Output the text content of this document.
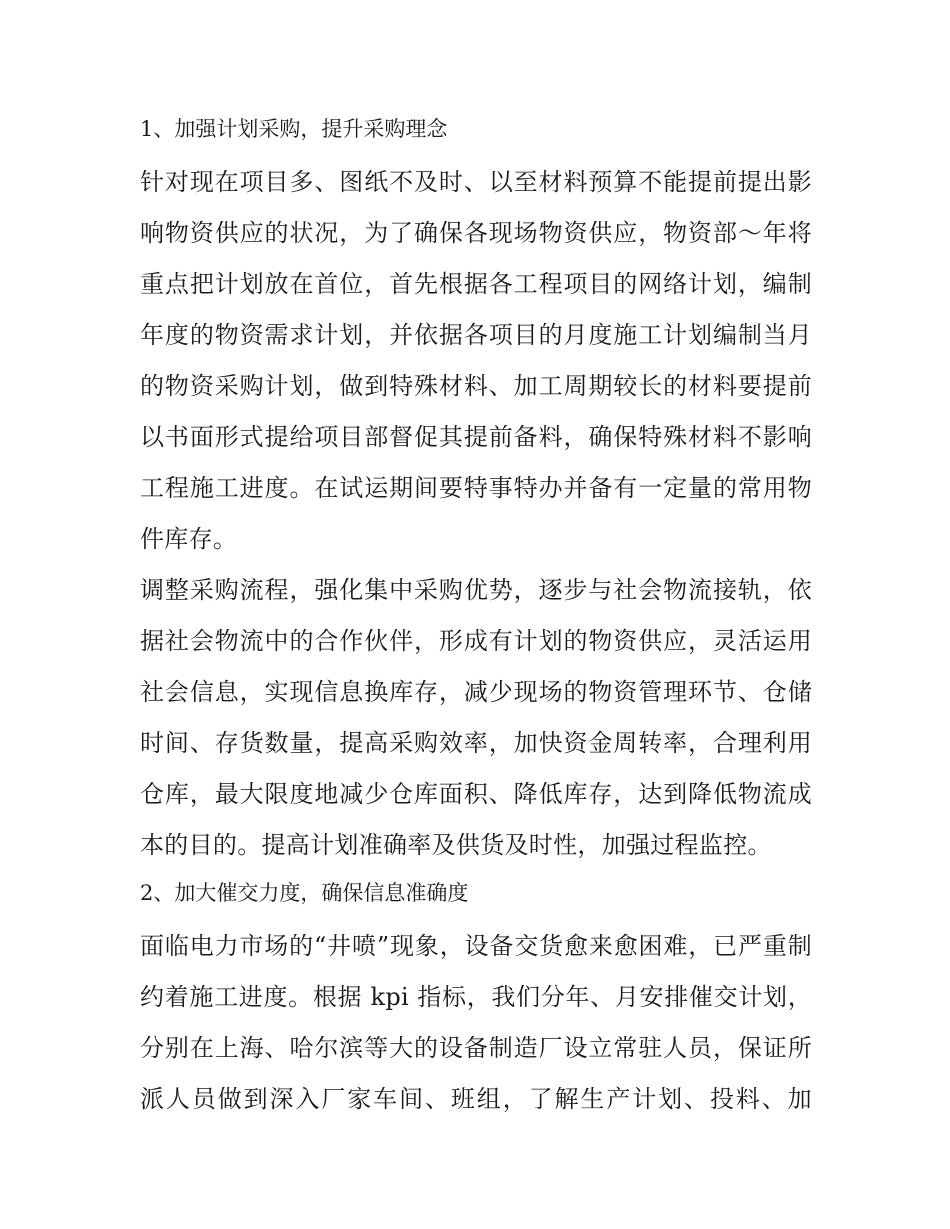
1、加强计划采购，提升采购理念
针对现在项目多、图纸不及时、以至材料预算不能提前提出影
响物资供应的状况，为了确保各现场物资供应，物资部～年将
重点把计划放在首位，首先根据各工程项目的网络计划，编制
年度的物资需求计划，并依据各项目的月度施工计划编制当月
的物资采购计划，做到特殊材料、加工周期较长的材料要提前
以书面形式提给项目部督促其提前备料，确保特殊材料不影响
工程施工进度。在试运期间要特事特办并备有一定量的常用物
件库存。
调整采购流程，强化集中采购优势，逐步与社会物流接轨，依
据社会物流中的合作伙伴，形成有计划的物资供应，灵活运用
社会信息，实现信息换库存，减少现场的物资管理环节、仓储
时间、存货数量，提高采购效率，加快资金周转率，合理利用
仓库，最大限度地减少仓库面积、降低库存，达到降低物流成
本的目的。提高计划准确率及供货及时性，加强过程监控。
2、加大催交力度，确保信息准确度
面临电力市场的“井喷”现象，设备交货愈来愈困难，已严重制
约着施工进度。根据 kpi 指标，我们分年、月安排催交计划，
分别在上海、哈尔滨等大的设备制造厂设立常驻人员，保证所
派人员做到深入厂家车间、班组，了解生产计划、投料、加
